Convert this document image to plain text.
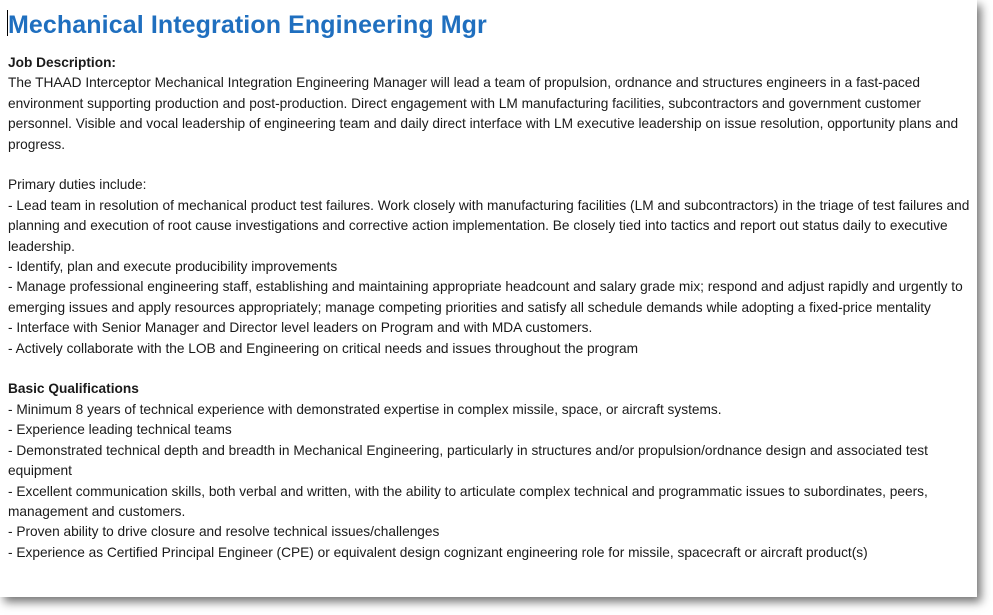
Mechanical Integration Engineering Mgr
Job Description:
The THAAD Interceptor Mechanical Integration Engineering Manager will lead a team of propulsion, ordnance and structures engineers in a fast-paced environment supporting production and post-production. Direct engagement with LM manufacturing facilities, subcontractors and government customer personnel. Visible and vocal leadership of engineering team and daily direct interface with LM executive leadership on issue resolution, opportunity plans and progress.
Primary duties include:
- Lead team in resolution of mechanical product test failures. Work closely with manufacturing facilities (LM and subcontractors) in the triage of test failures and planning and execution of root cause investigations and corrective action implementation. Be closely tied into tactics and report out status daily to executive leadership.
- Identify, plan and execute producibility improvements
- Manage professional engineering staff, establishing and maintaining appropriate headcount and salary grade mix; respond and adjust rapidly and urgently to emerging issues and apply resources appropriately; manage competing priorities and satisfy all schedule demands while adopting a fixed-price mentality
- Interface with Senior Manager and Director level leaders on Program and with MDA customers.
- Actively collaborate with the LOB and Engineering on critical needs and issues throughout the program
Basic Qualifications
- Minimum 8 years of technical experience with demonstrated expertise in complex missile, space, or aircraft systems.
- Experience leading technical teams
- Demonstrated technical depth and breadth in Mechanical Engineering, particularly in structures and/or propulsion/ordnance design and associated test equipment
- Excellent communication skills, both verbal and written, with the ability to articulate complex technical and programmatic issues to subordinates, peers, management and customers.
- Proven ability to drive closure and resolve technical issues/challenges
- Experience as Certified Principal Engineer (CPE) or equivalent design cognizant engineering role for missile, spacecraft or aircraft product(s)
